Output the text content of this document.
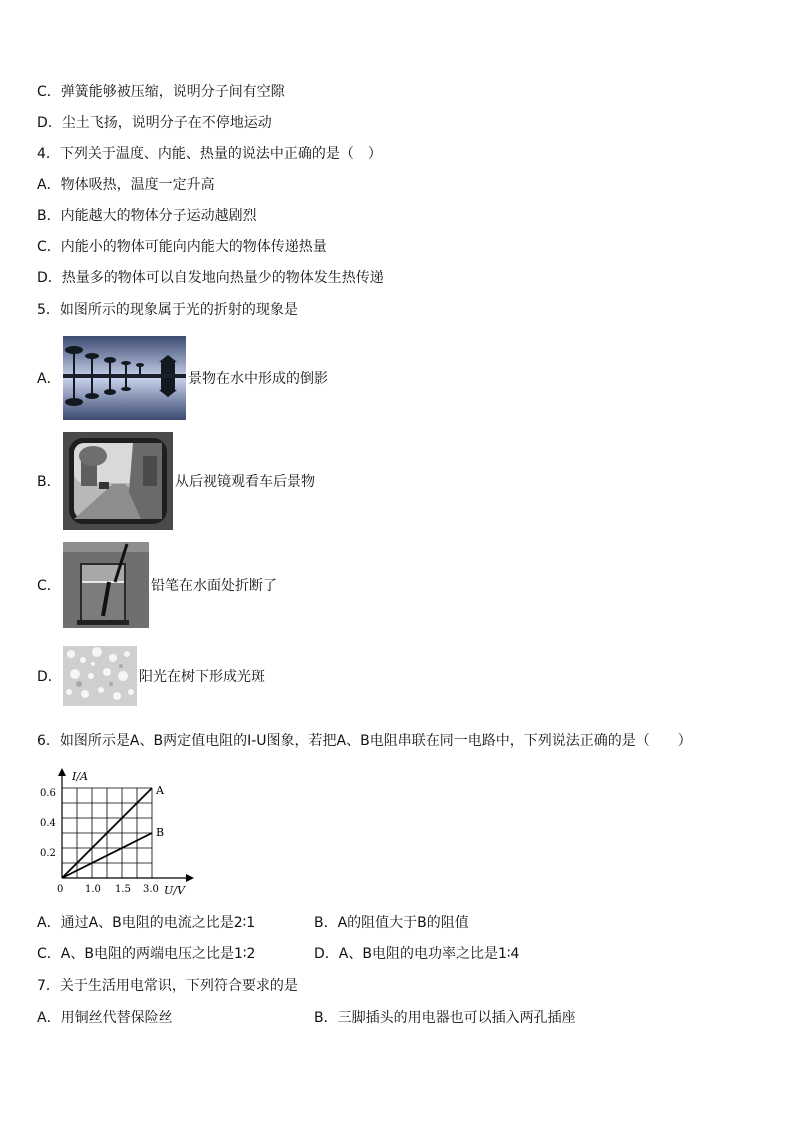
C．弹簧能够被压缩，说明分子间有空隙
D．尘土飞扬，说明分子在不停地运动
4．下列关于温度、内能、热量的说法中正确的是（　）
A．物体吸热，温度一定升高
B．内能越大的物体分子运动越剧烈
C．内能小的物体可能向内能大的物体传递热量
D．热量多的物体可以自发地向热量少的物体发生热传递
5．如图所示的现象属于光的折射的现象是
A．	景物在水中形成的倒影
B．	从后视镜观看车后景物
C．	铅笔在水面处折断了
D．	阳光在树下形成光斑
6．如图所示是A、B两定值电阻的I-U图象，若把A、B电阻串联在同一电路中，下列说法正确的是（　　）
I/A
U/V
0.6
0.4
0.2
0 1.0 1.5 3.0
A
B
A．通过A、B电阻的电流之比是2∶1	B．A的阻值大于B的阻值
C．A、B电阻的两端电压之比是1∶2	D．A、B电阻的电功率之比是1∶4
7．关于生活用电常识，下列符合要求的是
A．用铜丝代替保险丝	B．三脚插头的用电器也可以插入两孔插座
